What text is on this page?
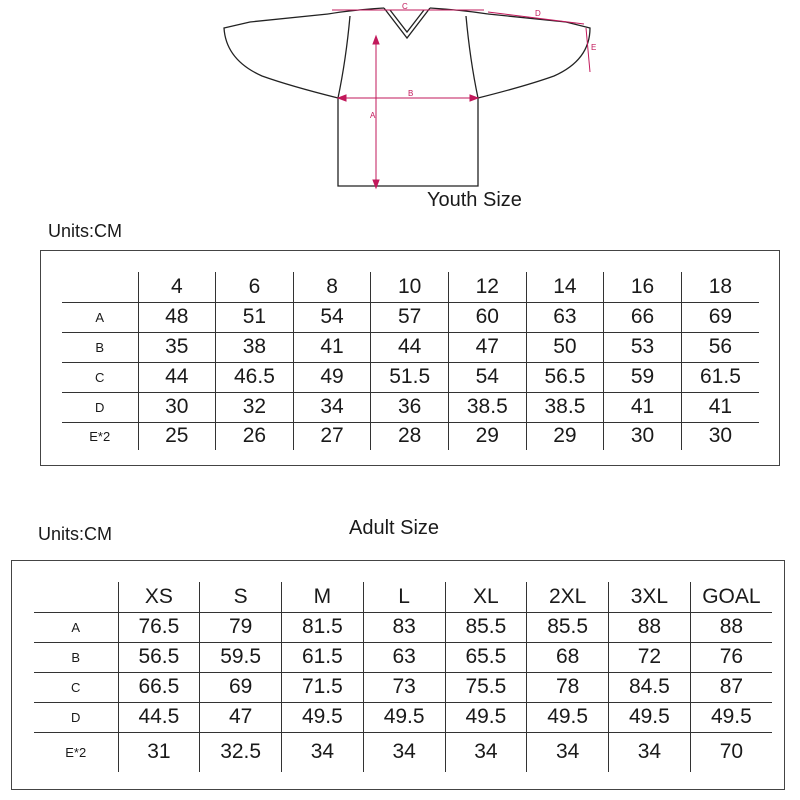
A
B
C
D
E
Youth Size
Units:CM
	4	6	8	10	12	14	16	18
A	48	51	54	57	60	63	66	69
B	35	38	41	44	47	50	53	56
C	44	46.5	49	51.5	54	56.5	59	61.5
D	30	32	34	36	38.5	38.5	41	41
E*2	25	26	27	28	29	29	30	30
Adult Size
Units:CM
	XS	S	M	L	XL	2XL	3XL	GOAL
A	76.5	79	81.5	83	85.5	85.5	88	88
B	56.5	59.5	61.5	63	65.5	68	72	76
C	66.5	69	71.5	73	75.5	78	84.5	87
D	44.5	47	49.5	49.5	49.5	49.5	49.5	49.5
E*2	31	32.5	34	34	34	34	34	70
